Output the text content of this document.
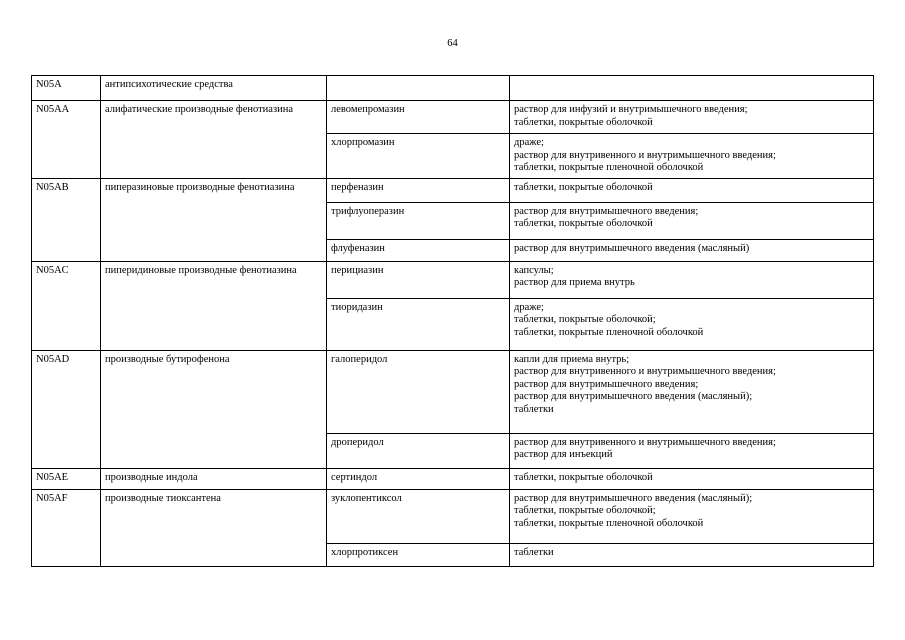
64
N05A	антипсихотические средства		
N05AA	алифатические производные фенотиазина	левомепромазин	раствор для инфузий и внутримышечного введения;
таблетки, покрытые оболочкой

		хлорпромазин	драже;
раствор для внутривенного и внутримышечного введения;
таблетки, покрытые пленочной оболочкой

N05AB	пиперазиновые производные фенотиазина	перфеназин	таблетки, покрытые оболочкой

		трифлуоперазин	раствор для внутримышечного введения;
таблетки, покрытые оболочкой

		флуфеназин	раствор для внутримышечного введения (масляный)

N05AC	пиперидиновые производные фенотиазина	перициазин	капсулы;
раствор для приема внутрь

		тиоридазин	драже;
таблетки, покрытые оболочкой;
таблетки, покрытые пленочной оболочкой

N05AD	производные бутирофенона	галоперидол	капли для приема внутрь;
раствор для внутривенного и внутримышечного введения;
раствор для внутримышечного введения;
раствор для внутримышечного введения (масляный);
таблетки

		дроперидол	раствор для внутривенного и внутримышечного введения;
раствор для инъекций

N05AE	производные индола	сертиндол	таблетки, покрытые оболочкой

N05AF	производные тиоксантена	зуклопентиксол	раствор для внутримышечного введения (масляный);
таблетки, покрытые оболочкой;
таблетки, покрытые пленочной оболочкой

		хлорпротиксен	таблетки
